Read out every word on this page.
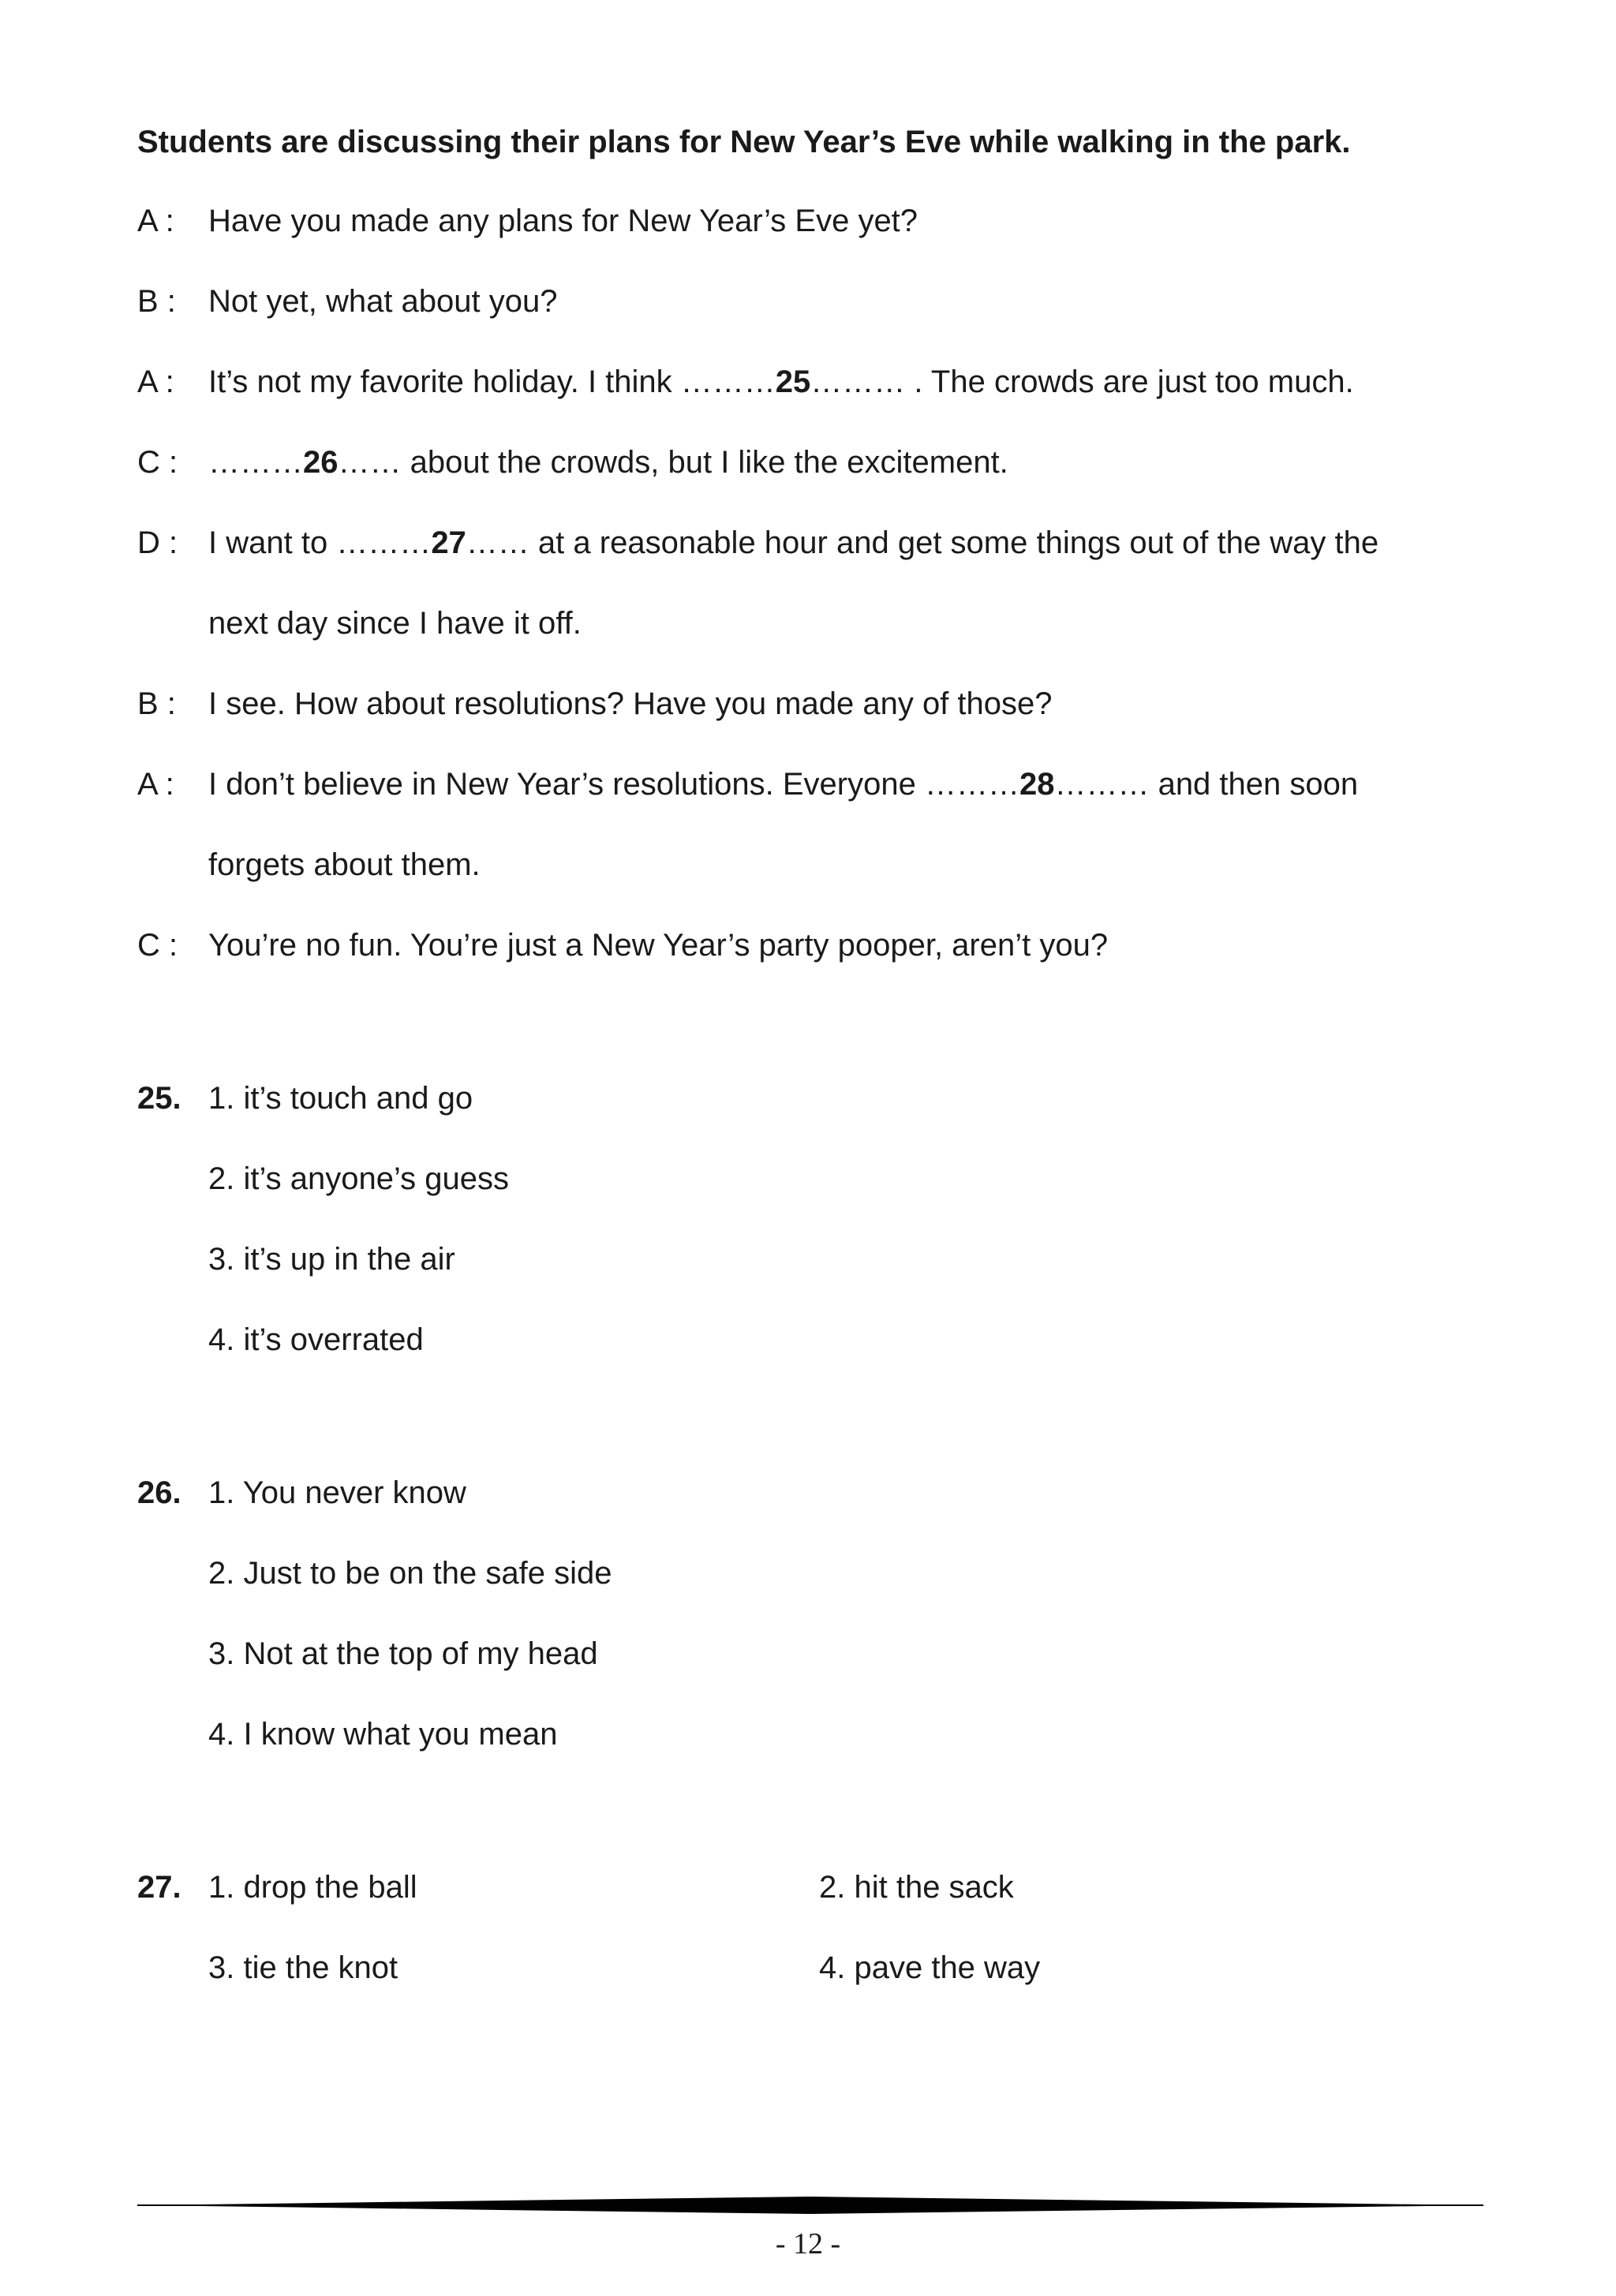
Students are discussing their plans for New Year’s Eve while walking in the park.
A : Have you made any plans for New Year’s Eve yet?
B : Not yet, what about you?
A : It’s not my favorite holiday. I think ………25……… . The crowds are just too much.
C : ………26…… about the crowds, but I like the excitement.
D : I want to ………27…… at a reasonable hour and get some things out of the way the
next day since I have it off.
B : I see. How about resolutions? Have you made any of those?
A : I don’t believe in New Year’s resolutions. Everyone ………28……… and then soon
forgets about them.
C : You’re no fun. You’re just a New Year’s party pooper, aren’t you?
25. 1. it’s touch and go
2. it’s anyone’s guess
3. it’s up in the air
4. it’s overrated
26. 1. You never know
2. Just to be on the safe side
3. Not at the top of my head
4. I know what you mean
27. 1. drop the ball	2. hit the sack
3. tie the knot	4. pave the way
- 12 -
